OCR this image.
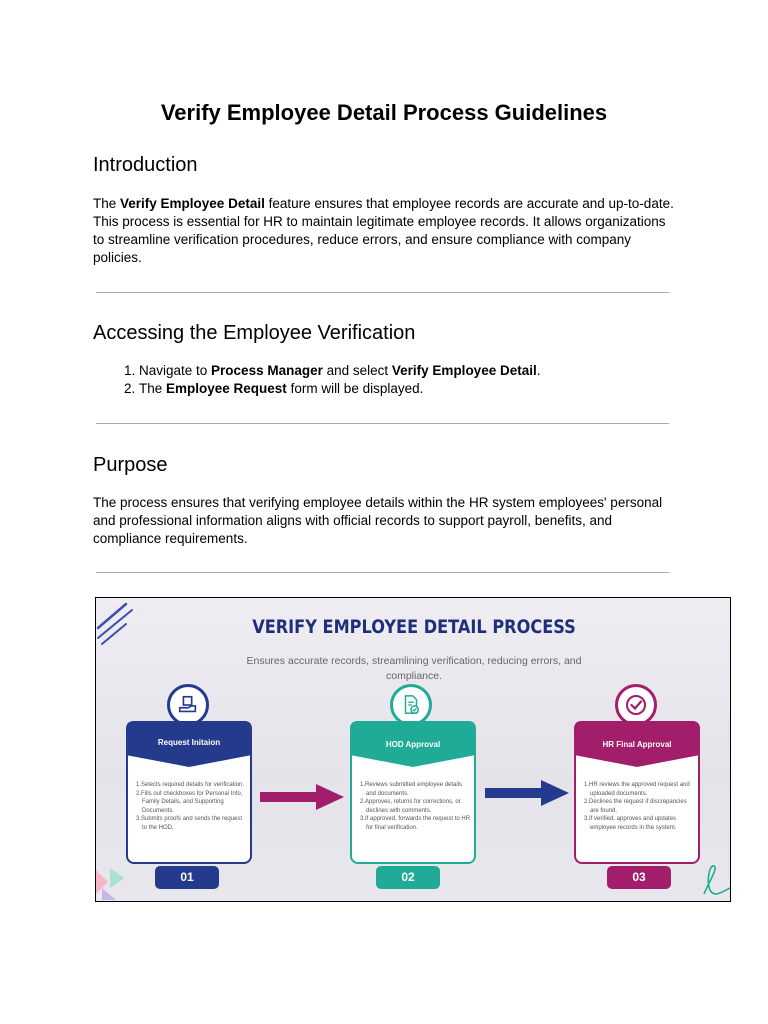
Verify Employee Detail Process Guidelines
Introduction

The Verify Employee Detail feature ensures that employee records are accurate and up-to-date. This process is essential for HR to maintain legitimate employee records. It allows organizations to streamline verification procedures, reduce errors, and ensure compliance with company policies.

Accessing the Employee Verification
1. Navigate to Process Manager and select Verify Employee Detail.
2. The Employee Request form will be displayed.
Purpose

The process ensures that verifying employee details within the HR system employees' personal and professional information aligns with official records to support payroll, benefits, and compliance requirements.

VERIFY EMPLOYEE DETAIL PROCESS
Ensures accurate records, streamlining verification, reducing errors, and compliance.
Request Initaion
1.Selects required details for verification.
2.Fills out checkboxes for Personal Info, Family Details, and Supporting Documents.
3.Submits proofs and sends the request to the HOD.
01
HOD Approval
1.Reviews submitted employee details and documents.
2.Approves, returns for corrections, or declines with comments.
3.If approved, forwards the request to HR for final verification.
02
HR Final Approval
1.HR reviews the approved request and uploaded documents.
2.Declines the request if discrepancies are found.
3.If verified, approves and updates employee records in the system.
03
